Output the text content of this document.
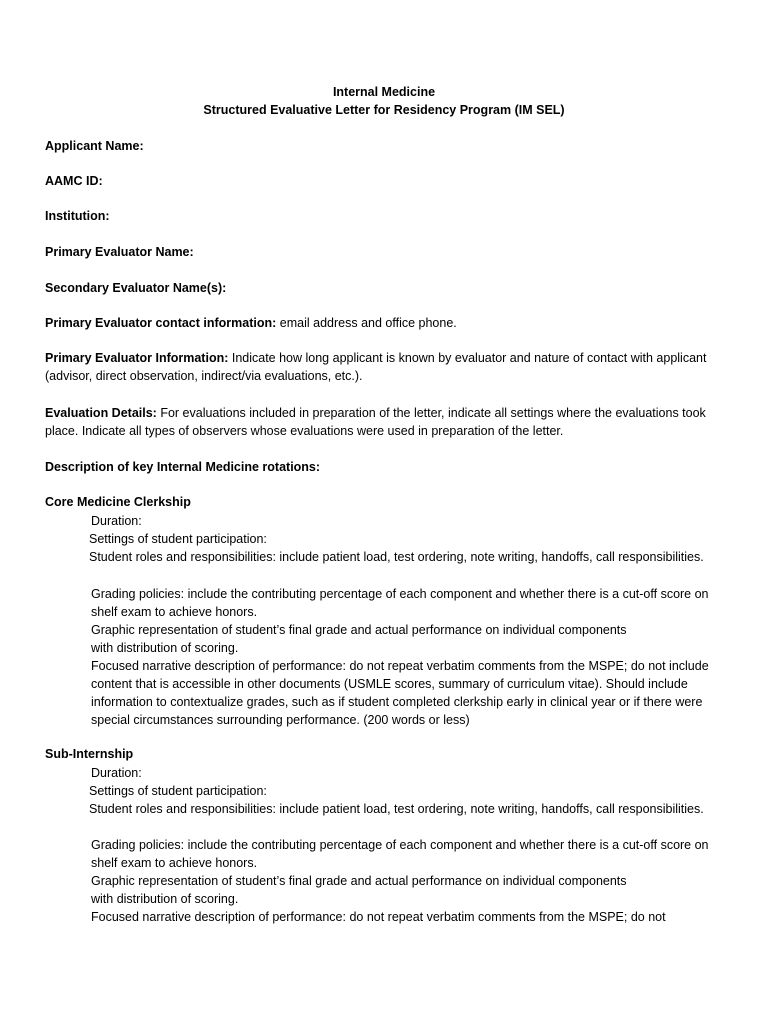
Internal Medicine
Structured Evaluative Letter for Residency Program (IM SEL)
Applicant Name:
AAMC ID:
Institution:
Primary Evaluator Name:
Secondary Evaluator Name(s):
Primary Evaluator contact information: email address and office phone.
Primary Evaluator Information: Indicate how long applicant is known by evaluator and nature of contact with applicant (advisor, direct observation, indirect/via evaluations, etc.).
Evaluation Details: For evaluations included in preparation of the letter, indicate all settings where the evaluations took place. Indicate all types of observers whose evaluations were used in preparation of the letter.
Description of key Internal Medicine rotations:
Core Medicine Clerkship
Duration:
Settings of student participation:
Student roles and responsibilities: include patient load, test ordering, note writing, handoffs, call responsibilities.
Grading policies: include the contributing percentage of each component and whether there is a cut-off score on shelf exam to achieve honors.
Graphic representation of student’s final grade and actual performance on individual components
with distribution of scoring.
Focused narrative description of performance: do not repeat verbatim comments from the MSPE; do not include content that is accessible in other documents (USMLE scores, summary of curriculum vitae). Should include information to contextualize grades, such as if student completed clerkship early in clinical year or if there were special circumstances surrounding performance. (200 words or less)
Sub-Internship
Duration:
Settings of student participation:
Student roles and responsibilities: include patient load, test ordering, note writing, handoffs, call responsibilities.
Grading policies: include the contributing percentage of each component and whether there is a cut-off score on shelf exam to achieve honors.
Graphic representation of student’s final grade and actual performance on individual components
with distribution of scoring.
Focused narrative description of performance: do not repeat verbatim comments from the MSPE; do not
